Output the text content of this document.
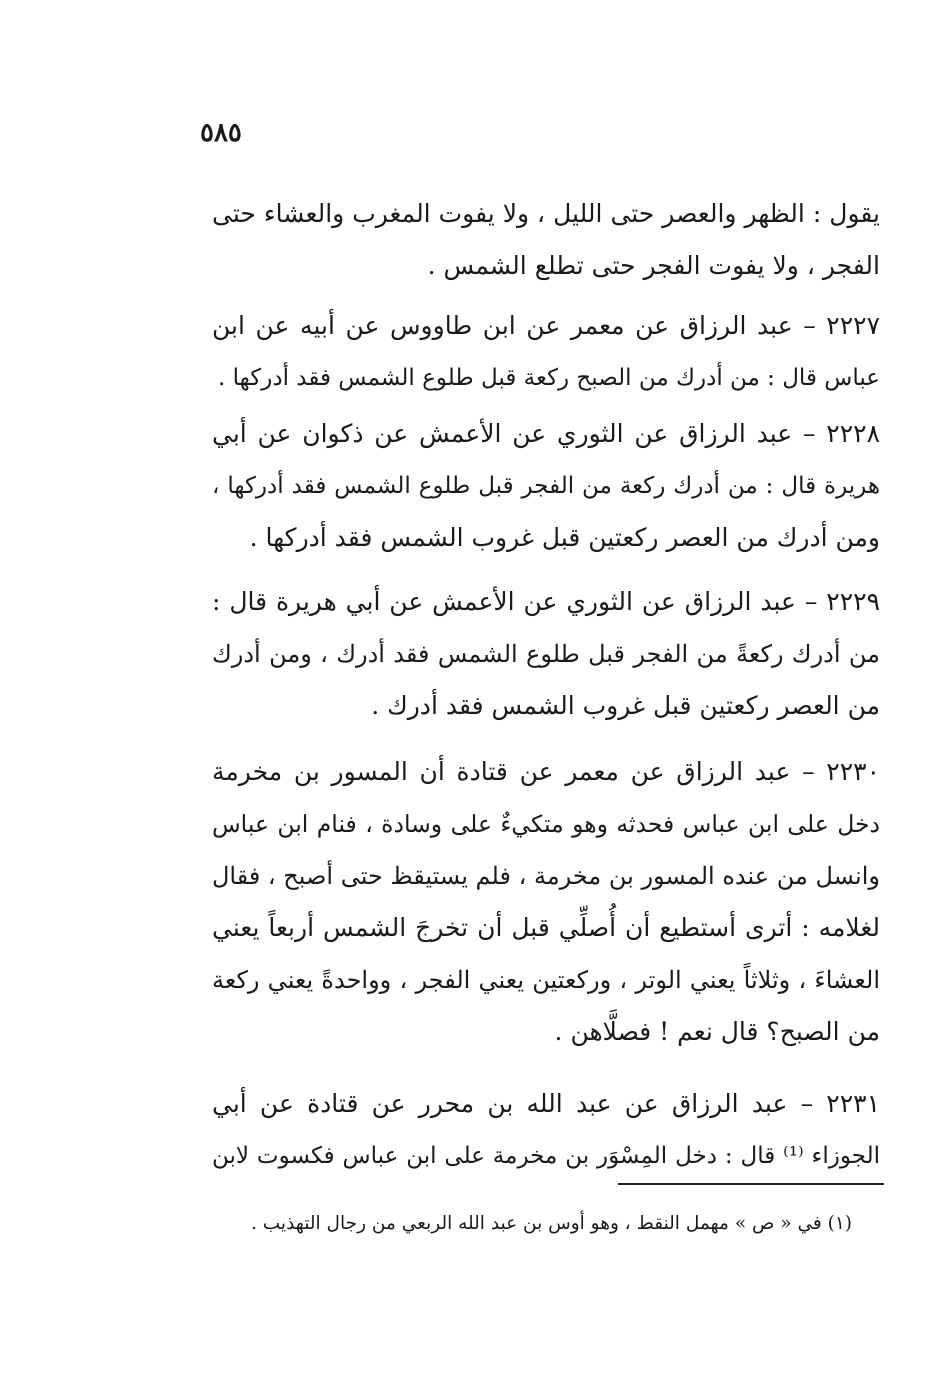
٥٨٥
يقول : الظهر والعصر حتى الليل ، ولا يفوت المغرب والعشاء حتى
الفجر ، ولا يفوت الفجر حتى تطلع الشمس .
٢٢٢٧ – عبد الرزاق عن معمر عن ابن طاووس عن أبيه عن ابن
عباس قال : من أدرك من الصبح ركعة قبل طلوع الشمس فقد أدركها .
٢٢٢٨ – عبد الرزاق عن الثوري عن الأعمش عن ذكوان عن أبي
هريرة قال : من أدرك ركعة من الفجر قبل طلوع الشمس فقد أدركها ،
ومن أدرك من العصر ركعتين قبل غروب الشمس فقد أدركها .
٢٢٢٩ – عبد الرزاق عن الثوري عن الأعمش عن أبي هريرة قال :
من أدرك ركعةً من الفجر قبل طلوع الشمس فقد أدرك ، ومن أدرك
من العصر ركعتين قبل غروب الشمس فقد أدرك .
٢٢٣٠ – عبد الرزاق عن معمر عن قتادة أن المسور بن مخرمة
دخل على ابن عباس فحدثه وهو متكيءٌ على وسادة ، فنام ابن عباس
وانسل من عنده المسور بن مخرمة ، فلم يستيقظ حتى أصبح ، فقال
لغلامه : أترى أستطيع أن أُصلِّي قبل أن تخرجَ الشمس أربعاً يعني
العشاءَ ، وثلاثاً يعني الوتر ، وركعتين يعني الفجر ، وواحدةً يعني ركعة
من الصبح؟ قال نعم ! فصلَّاهن .
٢٢٣١ – عبد الرزاق عن عبد الله بن محرر عن قتادة عن أبي
الجوزاء ⁽¹⁾ قال : دخل المِسْوَر بن مخرمة على ابن عباس فكسوت لابن
(١) في « ص » مهمل النقط ، وهو أوس بن عبد الله الربعي من رجال التهذيب .
